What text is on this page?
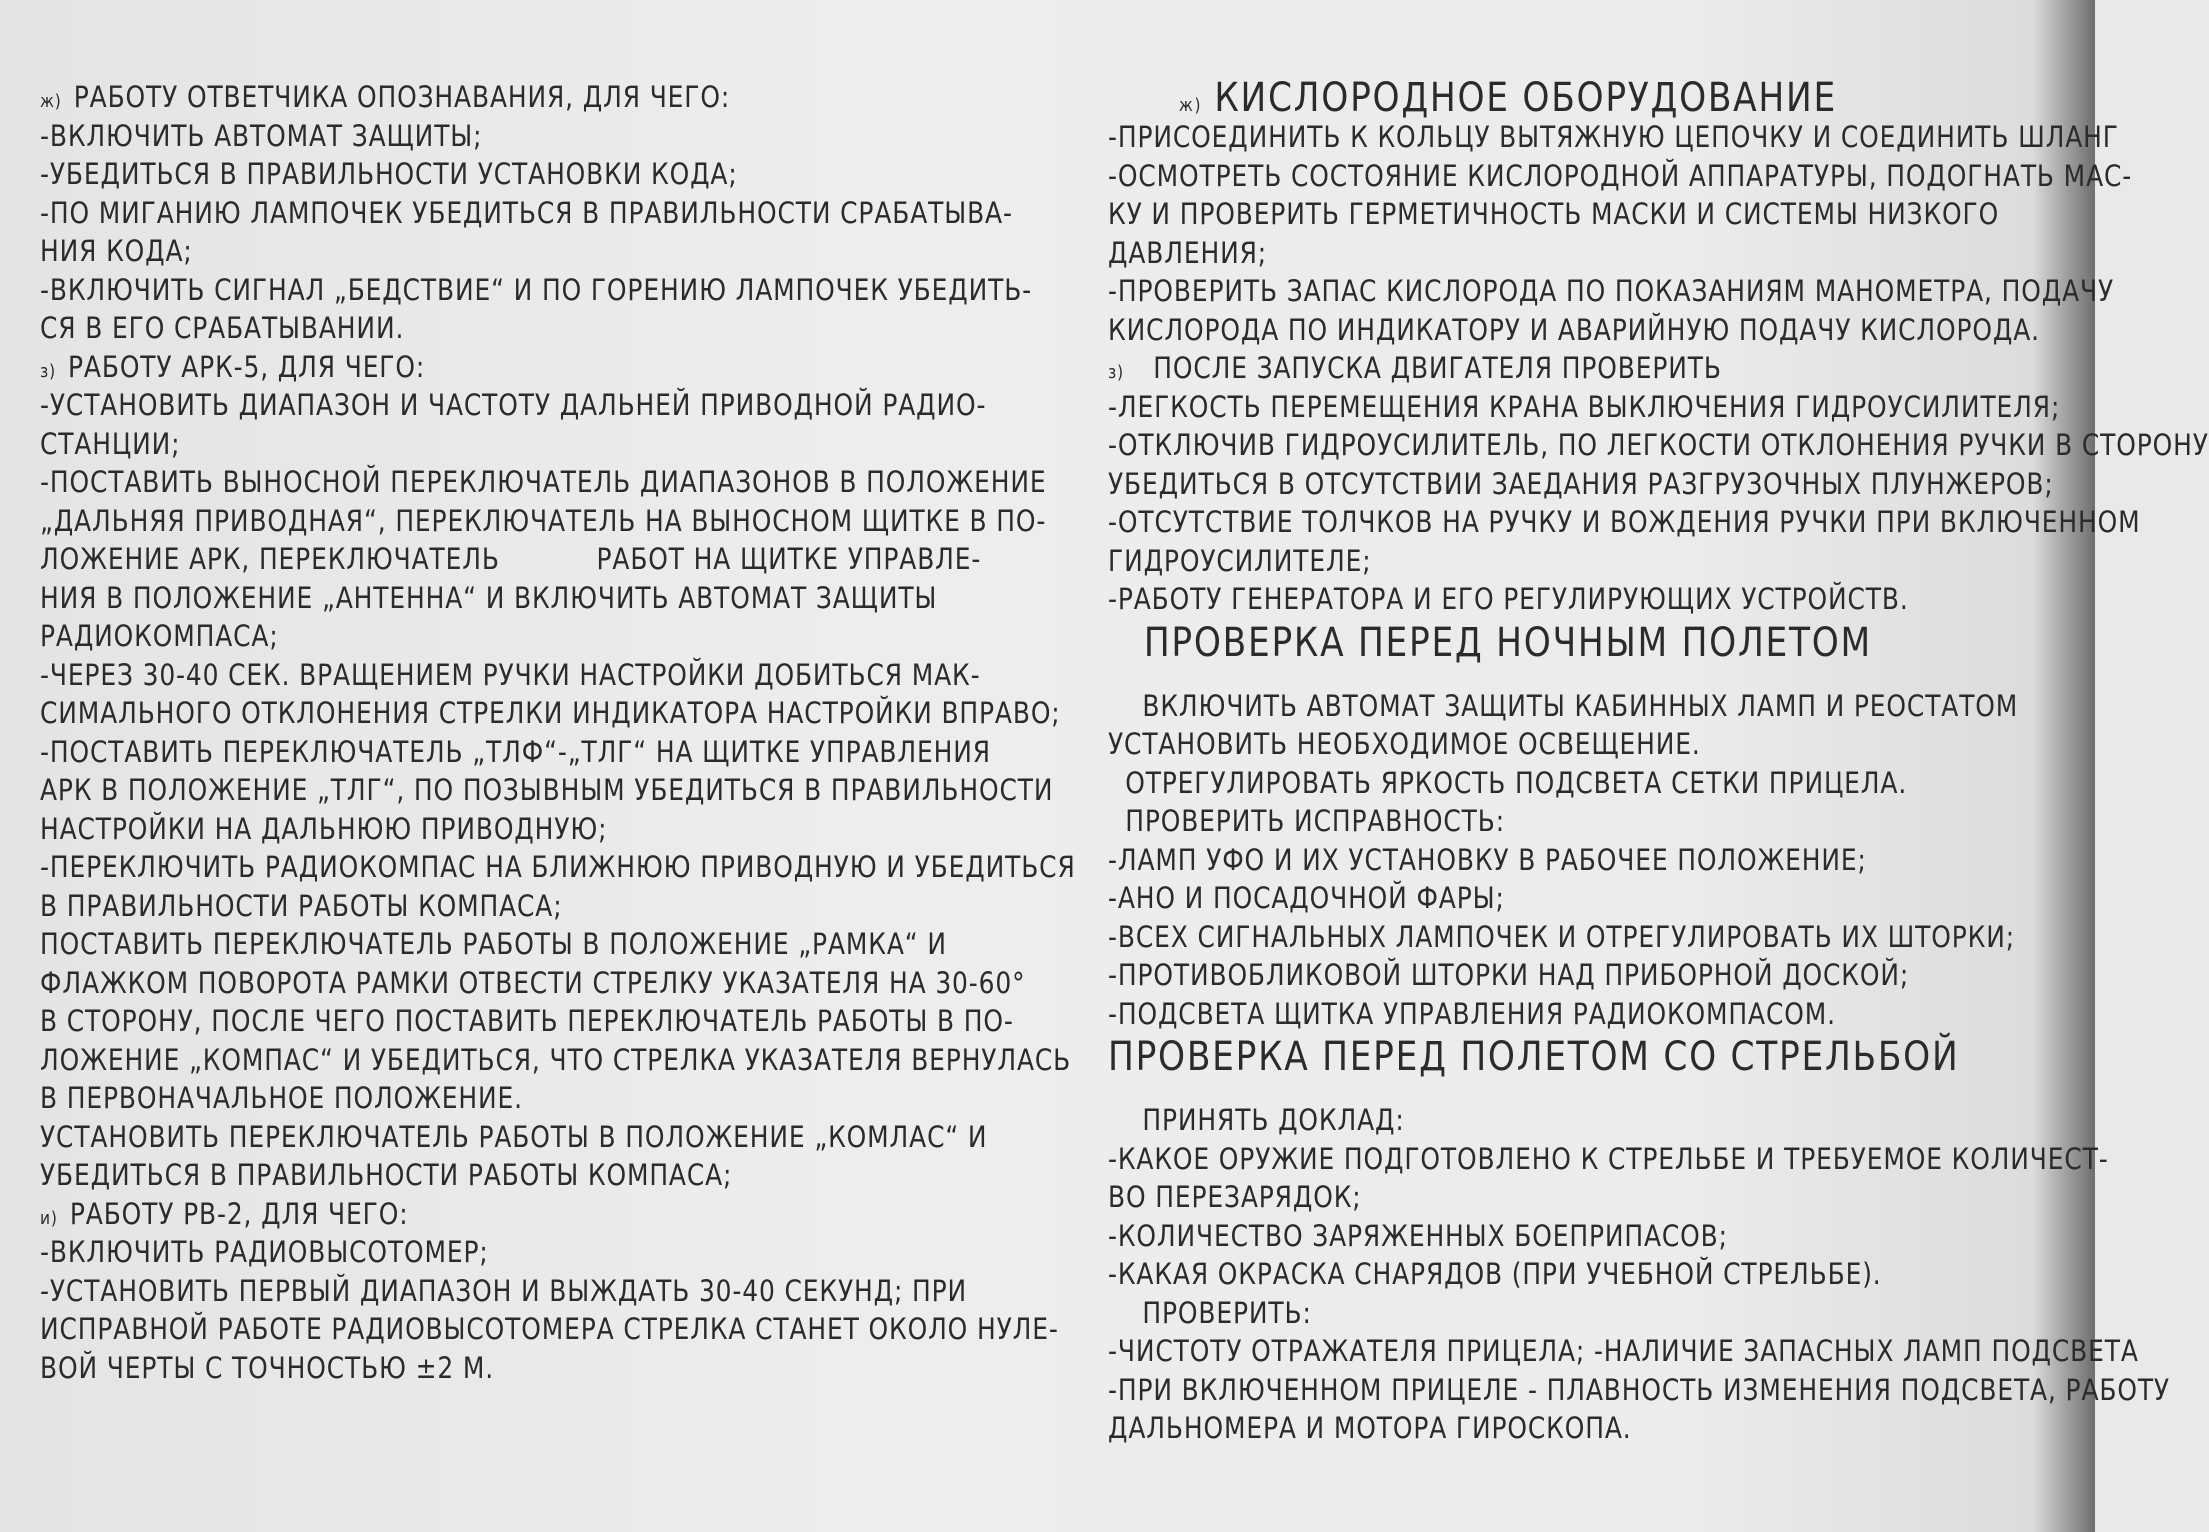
ж) РАБОТУ ОТВЕТЧИКА ОПОЗНАВАНИЯ, ДЛЯ ЧЕГО:
-ВКЛЮЧИТЬ АВТОМАТ ЗАЩИТЫ;
-УБЕДИТЬСЯ В ПРАВИЛЬНОСТИ УСТАНОВКИ КОДА;
-ПО МИГАНИЮ ЛАМПОЧЕК УБЕДИТЬСЯ В ПРАВИЛЬНОСТИ СРАБАТЫВА-
НИЯ КОДА;
-ВКЛЮЧИТЬ СИГНАЛ „БЕДСТВИЕ“ И ПО ГОРЕНИЮ ЛАМПОЧЕК УБЕДИТЬ-
СЯ В ЕГО СРАБАТЫВАНИИ.
з) РАБОТУ АРК-5, ДЛЯ ЧЕГО:
-УСТАНОВИТЬ ДИАПАЗОН И ЧАСТОТУ ДАЛЬНЕЙ ПРИВОДНОЙ РАДИО-
СТАНЦИИ;
-ПОСТАВИТЬ ВЫНОСНОЙ ПЕРЕКЛЮЧАТЕЛЬ ДИАПАЗОНОВ В ПОЛОЖЕНИЕ
„ДАЛЬНЯЯ ПРИВОДНАЯ“, ПЕРЕКЛЮЧАТЕЛЬ НА ВЫНОСНОМ ЩИТКЕ В ПО-
ЛОЖЕНИЕ АРК, ПЕРЕКЛЮЧАТЕЛЬ           РАБОТ НА ЩИТКЕ УПРАВЛЕ-
НИЯ В ПОЛОЖЕНИЕ „АНТЕННА“ И ВКЛЮЧИТЬ АВТОМАТ ЗАЩИТЫ
РАДИОКОМПАСА;
-ЧЕРЕЗ 30-40 СЕК. ВРАЩЕНИЕМ РУЧКИ НАСТРОЙКИ ДОБИТЬСЯ МАК-
СИМАЛЬНОГО ОТКЛОНЕНИЯ СТРЕЛКИ ИНДИКАТОРА НАСТРОЙКИ ВПРАВО;
-ПОСТАВИТЬ ПЕРЕКЛЮЧАТЕЛЬ „ТЛФ“-„ТЛГ“ НА ЩИТКЕ УПРАВЛЕНИЯ
АРК В ПОЛОЖЕНИЕ „ТЛГ“, ПО ПОЗЫВНЫМ УБЕДИТЬСЯ В ПРАВИЛЬНОСТИ
НАСТРОЙКИ НА ДАЛЬНЮЮ ПРИВОДНУЮ;
-ПЕРЕКЛЮЧИТЬ РАДИОКОМПАС НА БЛИЖНЮЮ ПРИВОДНУЮ И УБЕДИТЬСЯ
В ПРАВИЛЬНОСТИ РАБОТЫ КОМПАСА;
ПОСТАВИТЬ ПЕРЕКЛЮЧАТЕЛЬ РАБОТЫ В ПОЛОЖЕНИЕ „РАМКА“ И
ФЛАЖКОМ ПОВОРОТА РАМКИ ОТВЕСТИ СТРЕЛКУ УКАЗАТЕЛЯ НА 30-60°
В СТОРОНУ, ПОСЛЕ ЧЕГО ПОСТАВИТЬ ПЕРЕКЛЮЧАТЕЛЬ РАБОТЫ В ПО-
ЛОЖЕНИЕ „КОМПАС“ И УБЕДИТЬСЯ, ЧТО СТРЕЛКА УКАЗАТЕЛЯ ВЕРНУЛАСЬ
В ПЕРВОНАЧАЛЬНОЕ ПОЛОЖЕНИЕ.
УСТАНОВИТЬ ПЕРЕКЛЮЧАТЕЛЬ РАБОТЫ В ПОЛОЖЕНИЕ „КОМЛАС“ И
УБЕДИТЬСЯ В ПРАВИЛЬНОСТИ РАБОТЫ КОМПАСА;
и) РАБОТУ РВ-2, ДЛЯ ЧЕГО:
-ВКЛЮЧИТЬ РАДИОВЫСОТОМЕР;
-УСТАНОВИТЬ ПЕРВЫЙ ДИАПАЗОН И ВЫЖДАТЬ 30-40 СЕКУНД; ПРИ
ИСПРАВНОЙ РАБОТЕ РАДИОВЫСОТОМЕРА СТРЕЛКА СТАНЕТ ОКОЛО НУЛЕ-
ВОЙ ЧЕРТЫ С ТОЧНОСТЬЮ ±2 М.
ж) КИСЛОРОДНОЕ ОБОРУДОВАНИЕ
-ПРИСОЕДИНИТЬ К КОЛЬЦУ ВЫТЯЖНУЮ ЦЕПОЧКУ И СОЕДИНИТЬ ШЛАНГ
-ОСМОТРЕТЬ СОСТОЯНИЕ КИСЛОРОДНОЙ АППАРАТУРЫ, ПОДОГНАТЬ МАС-
КУ И ПРОВЕРИТЬ ГЕРМЕТИЧНОСТЬ МАСКИ И СИСТЕМЫ НИЗКОГО
ДАВЛЕНИЯ;
-ПРОВЕРИТЬ ЗАПАС КИСЛОРОДА ПО ПОКАЗАНИЯМ МАНОМЕТРА, ПОДАЧУ
КИСЛОРОДА ПО ИНДИКАТОРУ И АВАРИЙНУЮ ПОДАЧУ КИСЛОРОДА.
з) ПОСЛЕ ЗАПУСКА ДВИГАТЕЛЯ ПРОВЕРИТЬ
-ЛЕГКОСТЬ ПЕРЕМЕЩЕНИЯ КРАНА ВЫКЛЮЧЕНИЯ ГИДРОУСИЛИТЕЛЯ;
-ОТКЛЮЧИВ ГИДРОУСИЛИТЕЛЬ, ПО ЛЕГКОСТИ ОТКЛОНЕНИЯ РУЧКИ В СТОРОНУ
УБЕДИТЬСЯ В ОТСУТСТВИИ ЗАЕДАНИЯ РАЗГРУЗОЧНЫХ ПЛУНЖЕРОВ;
-ОТСУТСТВИЕ ТОЛЧКОВ НА РУЧКУ И ВОЖДЕНИЯ РУЧКИ ПРИ ВКЛЮЧЕННОМ
ГИДРОУСИЛИТЕЛЕ;
-РАБОТУ ГЕНЕРАТОРА И ЕГО РЕГУЛИРУЮЩИХ УСТРОЙСТВ.
ПРОВЕРКА ПЕРЕД НОЧНЫМ ПОЛЕТОМ
ВКЛЮЧИТЬ АВТОМАТ ЗАЩИТЫ КАБИННЫХ ЛАМП И РЕОСТАТОМ
УСТАНОВИТЬ НЕОБХОДИМОЕ ОСВЕЩЕНИЕ.
ОТРЕГУЛИРОВАТЬ ЯРКОСТЬ ПОДСВЕТА СЕТКИ ПРИЦЕЛА.
ПРОВЕРИТЬ ИСПРАВНОСТЬ:
-ЛАМП УФО И ИХ УСТАНОВКУ В РАБОЧЕЕ ПОЛОЖЕНИЕ;
-АНО И ПОСАДОЧНОЙ ФАРЫ;
-ВСЕХ СИГНАЛЬНЫХ ЛАМПОЧЕК И ОТРЕГУЛИРОВАТЬ ИХ ШТОРКИ;
-ПРОТИВОБЛИКОВОЙ ШТОРКИ НАД ПРИБОРНОЙ ДОСКОЙ;
-ПОДСВЕТА ЩИТКА УПРАВЛЕНИЯ РАДИОКОМПАСОМ.
ПРОВЕРКА ПЕРЕД ПОЛЕТОМ СО СТРЕЛЬБОЙ
ПРИНЯТЬ ДОКЛАД:
-КАКОЕ ОРУЖИЕ ПОДГОТОВЛЕНО К СТРЕЛЬБЕ И ТРЕБУЕМОЕ КОЛИЧЕСТ-
ВО ПЕРЕЗАРЯДОК;
-КОЛИЧЕСТВО ЗАРЯЖЕННЫХ БОЕПРИПАСОВ;
-КАКАЯ ОКРАСКА СНАРЯДОВ (ПРИ УЧЕБНОЙ СТРЕЛЬБЕ).
ПРОВЕРИТЬ:
-ЧИСТОТУ ОТРАЖАТЕЛЯ ПРИЦЕЛА; -НАЛИЧИЕ ЗАПАСНЫХ ЛАМП ПОДСВЕТА
-ПРИ ВКЛЮЧЕННОМ ПРИЦЕЛЕ - ПЛАВНОСТЬ ИЗМЕНЕНИЯ ПОДСВЕТА, РАБОТУ
ДАЛЬНОМЕРА И МОТОРА ГИРОСКОПА.
